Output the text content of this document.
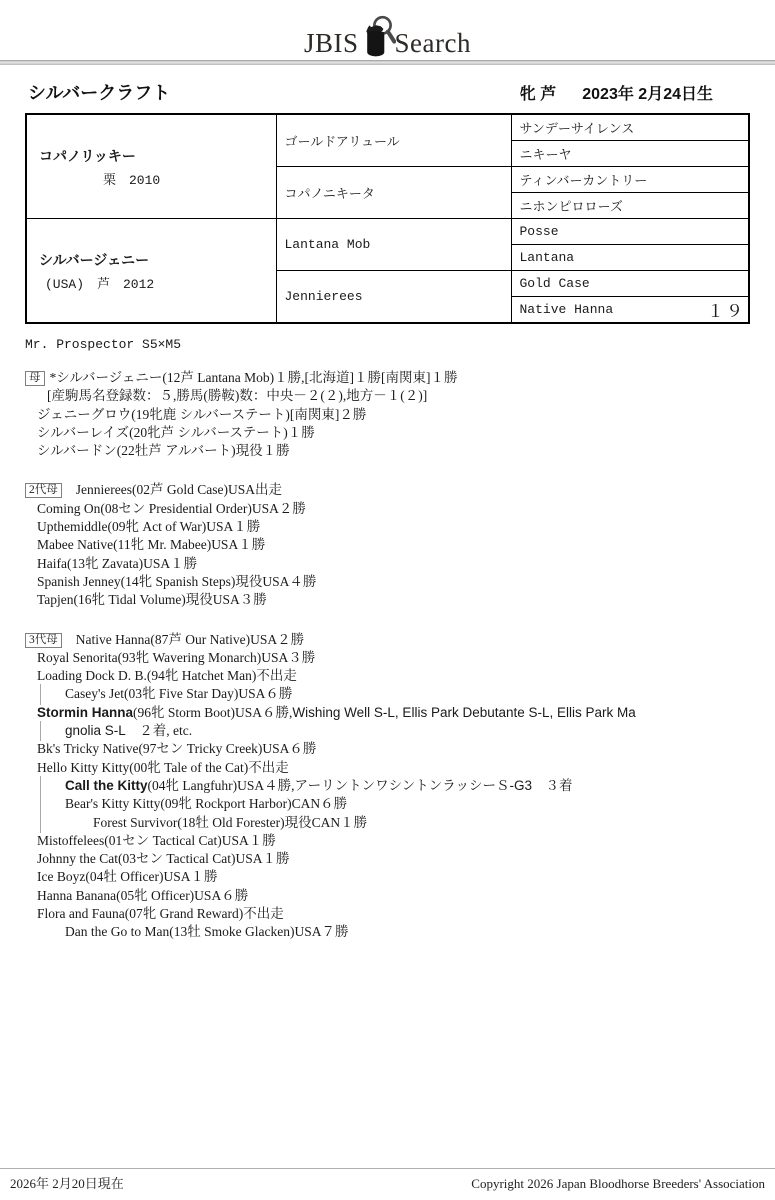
JBIS Search
シルバークラフト	牝 芦 2023年 2月24日生
コパノリッキー
栗　2010	ゴールドアリュール	サンデーサイレンス
		ニキーヤ
	コパノニキータ	ティンバーカントリー
		ニホンピロローズ

シルバージェニー
(USA)　芦　2012	Lantana Mob	Posse
		Lantana
	Jennierees	Gold Case

		Native Hanna １９
Mr. Prospector S5×M5
母 *シルバージェニー(12芦 Lantana Mob)１勝,[北海道]１勝[南関東]１勝
[産駒馬名登録数：５,勝馬(勝鞍)数：中央－２(２),地方－１(２)]
ジェニーグロウ(19牝鹿 シルバーステート)[南関東]２勝
シルバーレイズ(20牝芦 シルバーステート)１勝
シルバードン(22牡芦 アルバート)現役１勝
2代母 Jennierees(02芦 Gold Case)USA出走
Coming On(08セン Presidential Order)USA２勝
Upthemiddle(09牝 Act of War)USA１勝
Mabee Native(11牝 Mr. Mabee)USA１勝
Haifa(13牝 Zavata)USA１勝
Spanish Jenney(14牝 Spanish Steps)現役USA４勝
Tapjen(16牝 Tidal Volume)現役USA３勝
3代母 Native Hanna(87芦 Our Native)USA２勝
Royal Senorita(93牝 Wavering Monarch)USA３勝
Loading Dock D. B.(94牝 Hatchet Man)不出走
Casey's Jet(03牝 Five Star Day)USA６勝
Stormin Hanna(96牝 Storm Boot)USA６勝,Wishing Well S-L, Ellis Park Debutante S-L, Ellis Park Ma
gnolia S-L　２着, etc.
Bk's Tricky Native(97セン Tricky Creek)USA６勝
Hello Kitty Kitty(00牝 Tale of the Cat)不出走
Call the Kitty(04牝 Langfuhr)USA４勝,アーリントンワシントンラッシーＳ-G3　３着
Bear's Kitty Kitty(09牝 Rockport Harbor)CAN６勝
Forest Survivor(18牡 Old Forester)現役CAN１勝
Mistoffelees(01セン Tactical Cat)USA１勝
Johnny the Cat(03セン Tactical Cat)USA１勝
Ice Boyz(04牡 Officer)USA１勝
Hanna Banana(05牝 Officer)USA６勝
Flora and Fauna(07牝 Grand Reward)不出走
Dan the Go to Man(13牡 Smoke Glacken)USA７勝
2026年 2月20日現在	Copyright 2026 Japan Bloodhorse Breeders' Association
